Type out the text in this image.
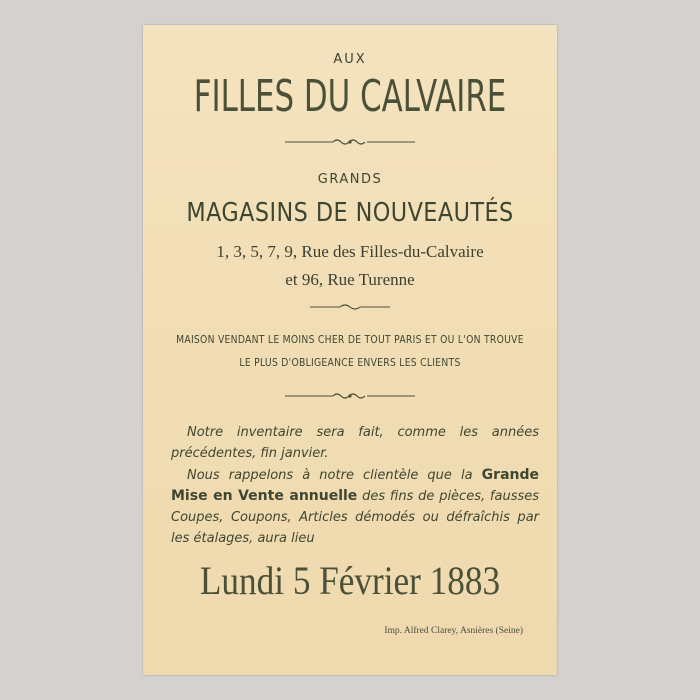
AUX
FILLES DU CALVAIRE
GRANDS
MAGASINS DE NOUVEAUTÉS
1, 3, 5, 7, 9, Rue des Filles-du-Calvaire
et 96, Rue Turenne
MAISON VENDANT LE MOINS CHER DE TOUT PARIS ET OU L'ON TROUVE
LE PLUS D'OBLIGEANCE ENVERS LES CLIENTS
Notre inventaire sera fait, comme les années précédentes, fin janvier.
Nous rappelons à notre clientèle que la Grande Mise en Vente annuelle des fins de pièces, fausses Coupes, Coupons, Articles démodés ou défraîchis par les étalages, aura lieu
Lundi 5 Février 1883
Imp. Alfred Clarey, Asnières (Seine)
